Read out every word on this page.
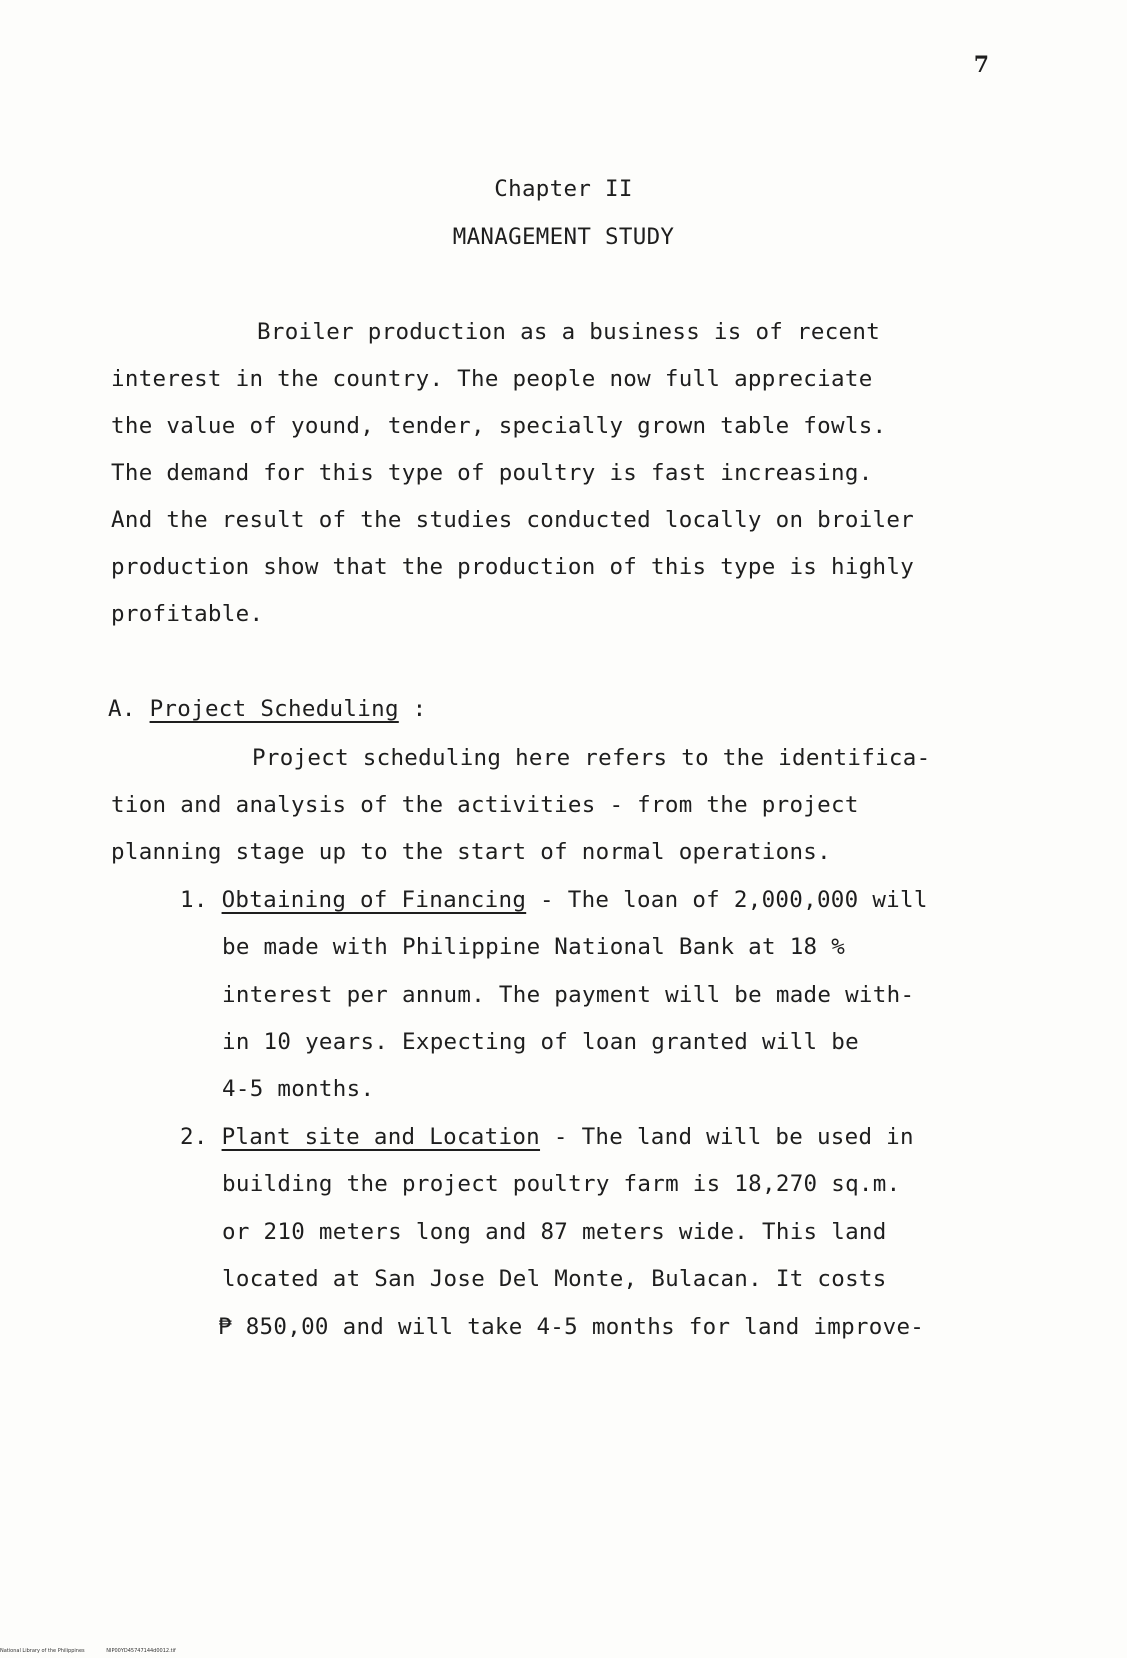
7
Chapter II
MANAGEMENT STUDY
Broiler production as a business is of recent
interest in the country. The people now full appreciate
the value of yound, tender, specially grown table fowls.
The demand for this type of poultry is fast increasing.
And the result of the studies conducted locally on broiler
production show that the production of this type is highly
profitable.
A. Project Scheduling :
Project scheduling here refers to the identifica-
tion and analysis of the activities - from the project
planning stage up to the start of normal operations.
1. Obtaining of Financing - The loan of 2,000,000 will
be made with Philippine National Bank at 18 %
interest per annum. The payment will be made with-
in 10 years. Expecting of loan granted will be
4-5 months.
2. Plant site and Location - The land will be used in
building the project poultry farm is 18,270 sq.m.
or 210 meters long and 87 meters wide. This land
located at San Jose Del Monte, Bulacan. It costs
₱ 850,00 and will take 4-5 months for land improve-
National Library of the Philippines	NIP00YD45747144d0012.tif
